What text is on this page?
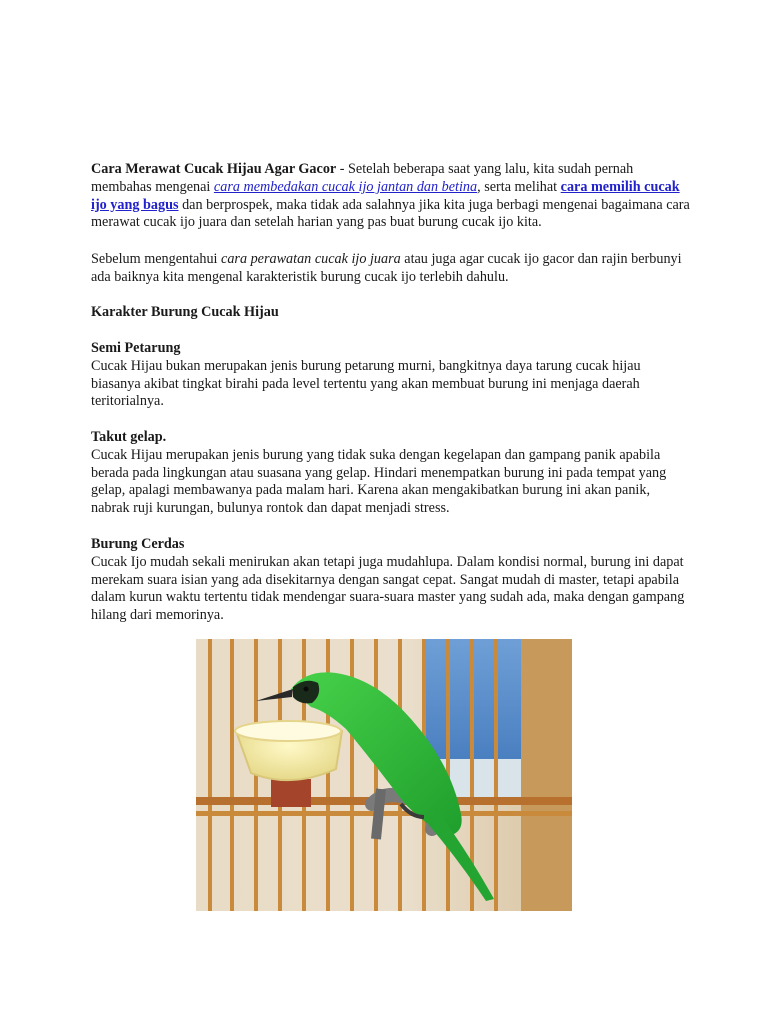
Cara Merawat Cucak Hijau Agar Gacor - Setelah beberapa saat yang lalu, kita sudah pernah membahas mengenai cara membedakan cucak ijo jantan dan betina, serta melihat cara memilih cucak ijo yang bagus dan berprospek, maka tidak ada salahnya jika kita juga berbagi mengenai bagaimana cara merawat cucak ijo juara dan setelah harian yang pas buat burung cucak ijo kita.

Sebelum mengentahui cara perawatan cucak ijo juara atau juga agar cucak ijo gacor dan rajin berbunyi ada baiknya kita mengenal karakteristik burung cucak ijo terlebih dahulu.

Karakter Burung Cucak Hijau

Semi Petarung
Cucak Hijau bukan merupakan jenis burung petarung murni, bangkitnya daya tarung cucak hijau biasanya akibat tingkat birahi pada level tertentu yang akan membuat burung ini menjaga daerah teritorialnya.
Takut gelap.
Cucak Hijau merupakan jenis burung yang tidak suka dengan kegelapan dan gampang panik apabila berada pada lingkungan atau suasana yang gelap. Hindari menempatkan burung ini pada tempat yang gelap, apalagi membawanya pada malam hari. Karena akan mengakibatkan burung ini akan panik, nabrak ruji kurungan, bulunya rontok dan dapat menjadi stress.
Burung Cerdas
Cucak Ijo mudah sekali menirukan akan tetapi juga mudahlupa. Dalam kondisi normal, burung ini dapat merekam suara isian yang ada disekitarnya dengan sangat cepat. Sangat mudah di master, tetapi apabila dalam kurun waktu tertentu tidak mendengar suara-suara master yang sudah ada, maka dengan gampang hilang dari memorinya.
